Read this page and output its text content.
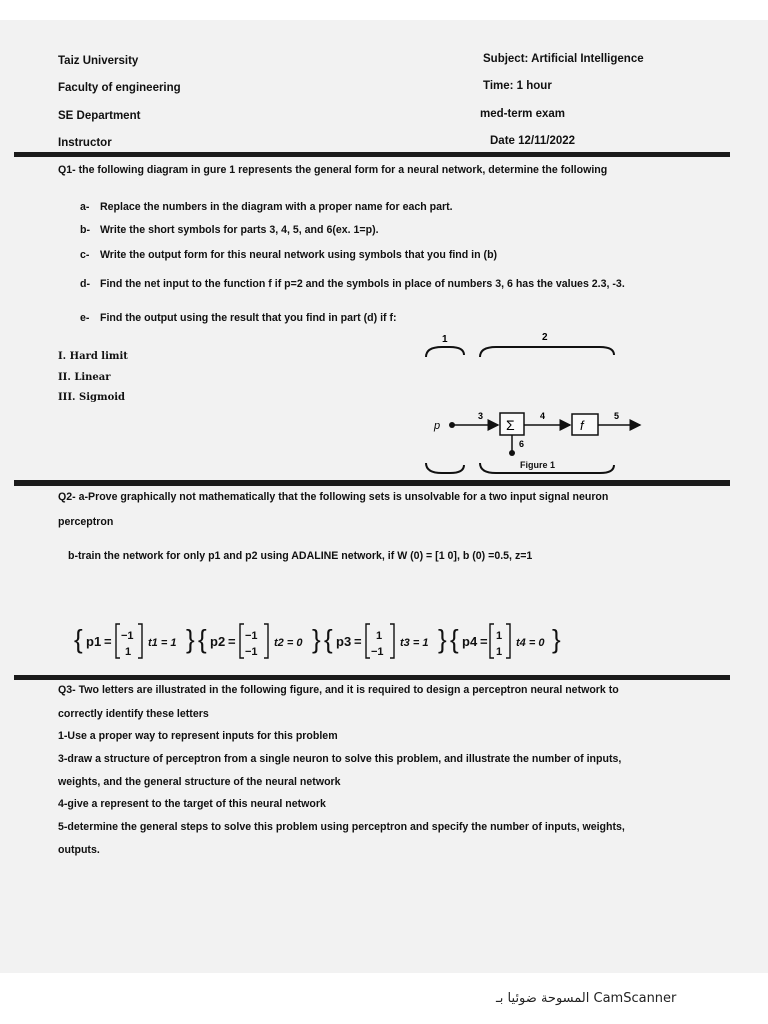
Taiz University
Faculty of engineering
SE Department
Instructor
Subject: Artificial Intelligence
Time: 1 hour
med-term exam
Date 12/11/2022
Q1- the following diagram in gure 1 represents the general form for a neural network, determine the following
a- Replace the numbers in the diagram with a proper name for each part.
b- Write the short symbols for parts 3, 4, 5, and 6(ex. 1=p).
c- Write the output form for this neural network using symbols that you find in (b)
d- Find the net input to the function f if p=2 and the symbols in place of numbers 3, 6 has the values 2.3, -3.
e- Find the output using the result that you find in part (d) if f:
I. Hard limit
II. Linear
III. Sigmoid
1	2
p
3
Σ
6
4
f
5
Figure 1
Q2- a-Prove graphically not mathematically that the following sets is unsolvable for a two input signal neuron
perceptron
b-train the network for only p1 and p2 using ADALINE network, if W (0) = [1 0], b (0) =0.5, z=1
{ p1 = −1
1
t1 = 1 } { p2 = −1
−1
t2 = 0 } { p3 = 1
−1
t3 = 1 } { p4 = 1
1
t4 = 0 }
Q3- Two letters are illustrated in the following figure, and it is required to design a perceptron neural network to
correctly identify these letters
1-Use a proper way to represent inputs for this problem
3-draw a structure of perceptron from a single neuron to solve this problem, and illustrate the number of inputs,
weights, and the general structure of the neural network
4-give a represent to the target of this neural network
5-determine the general steps to solve this problem using perceptron and specify the number of inputs, weights,
outputs.
المسوحة ضوئيا بـ CamScanner
